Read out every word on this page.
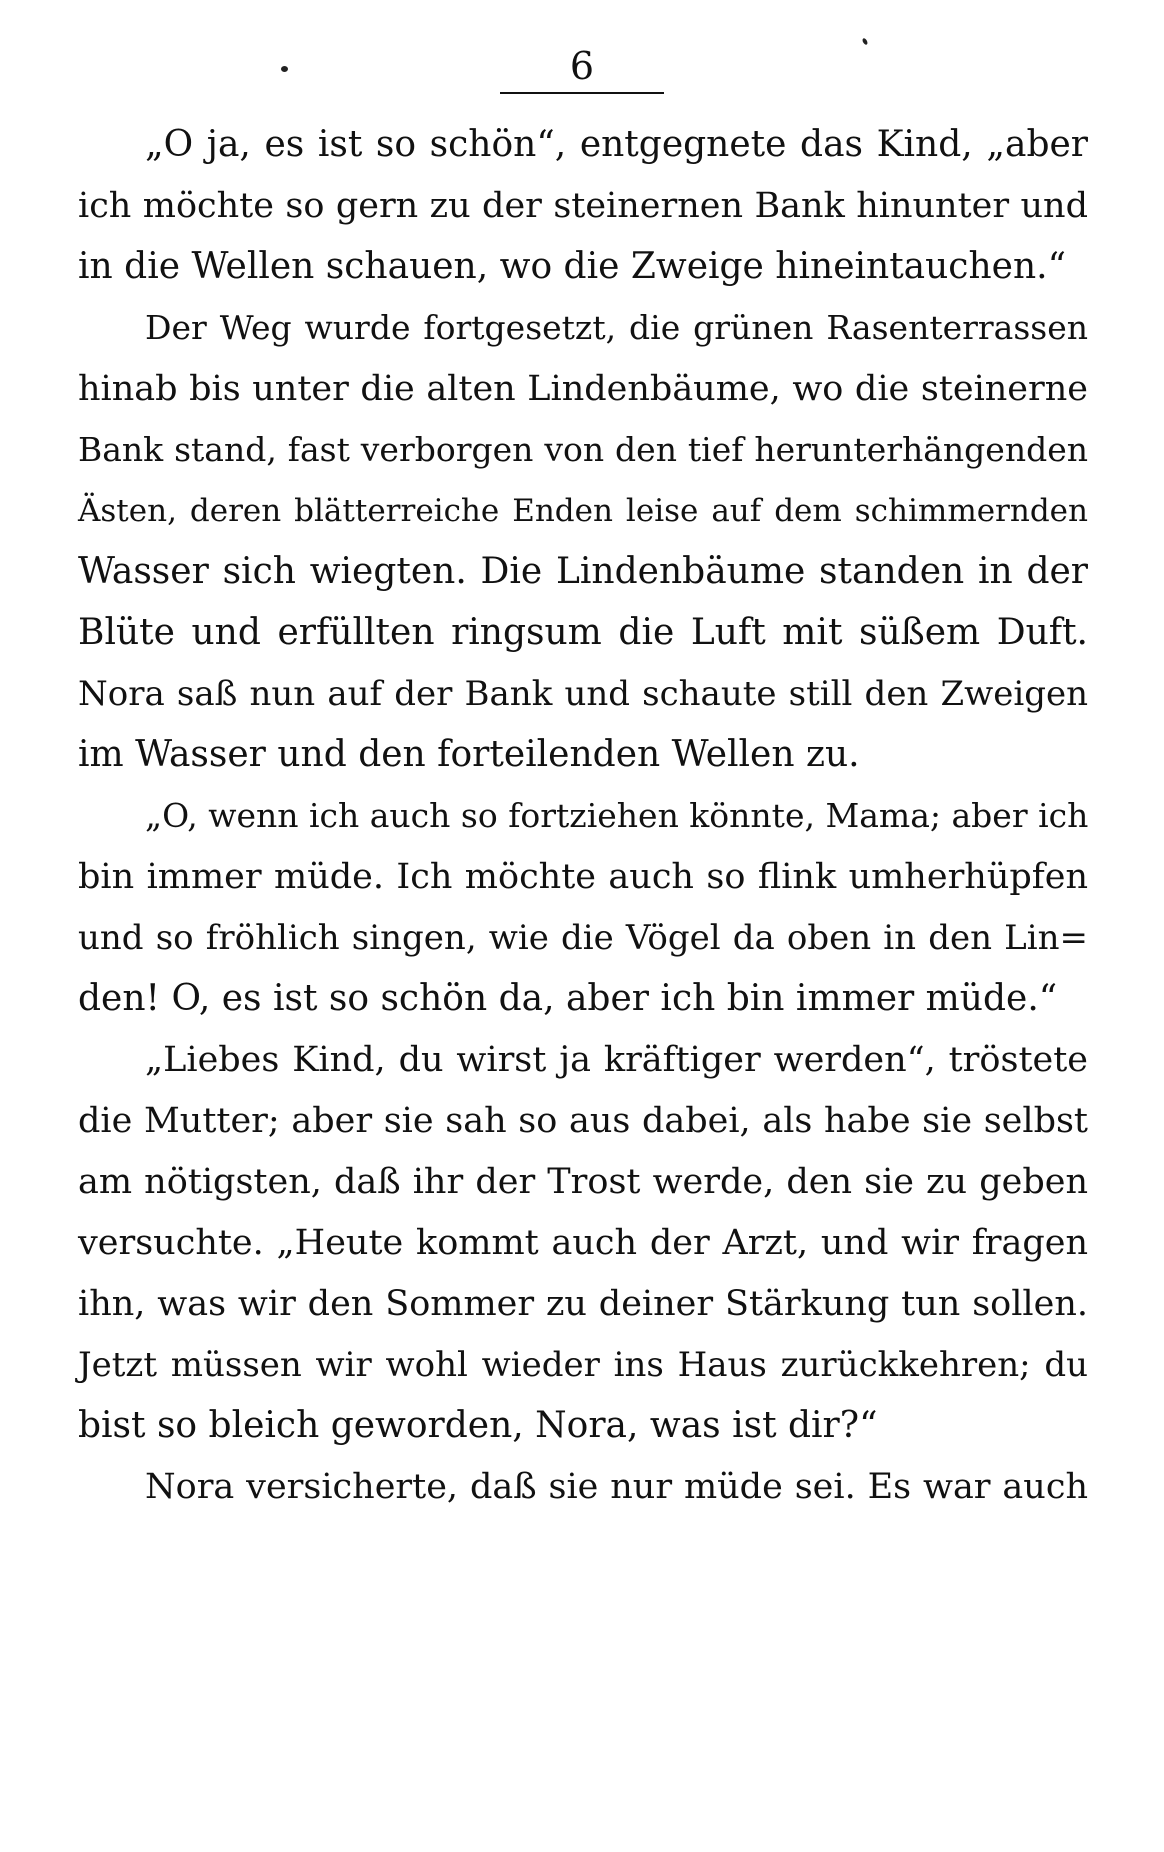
6
„O ja, es ist so schön“, entgegnete das Kind, „aber
ich möchte so gern zu der steinernen Bank hinunter und
in die Wellen schauen, wo die Zweige hineintauchen.“
Der Weg wurde fortgesetzt, die grünen Rasenterrassen
hinab bis unter die alten Lindenbäume, wo die steinerne
Bank stand, fast verborgen von den tief herunterhängenden
Ästen, deren blätterreiche Enden leise auf dem schimmernden
Wasser sich wiegten. Die Lindenbäume standen in der
Blüte und erfüllten ringsum die Luft mit süßem Duft.
Nora saß nun auf der Bank und schaute still den Zweigen
im Wasser und den forteilenden Wellen zu.
„O, wenn ich auch so fortziehen könnte, Mama; aber ich
bin immer müde. Ich möchte auch so flink umherhüpfen
und so fröhlich singen, wie die Vögel da oben in den Lin=
den! O, es ist so schön da, aber ich bin immer müde.“
„Liebes Kind, du wirst ja kräftiger werden“, tröstete
die Mutter; aber sie sah so aus dabei, als habe sie selbst
am nötigsten, daß ihr der Trost werde, den sie zu geben
versuchte. „Heute kommt auch der Arzt, und wir fragen
ihn, was wir den Sommer zu deiner Stärkung tun sollen.
Jetzt müssen wir wohl wieder ins Haus zurückkehren; du
bist so bleich geworden, Nora, was ist dir?“
Nora versicherte, daß sie nur müde sei. Es war auch
